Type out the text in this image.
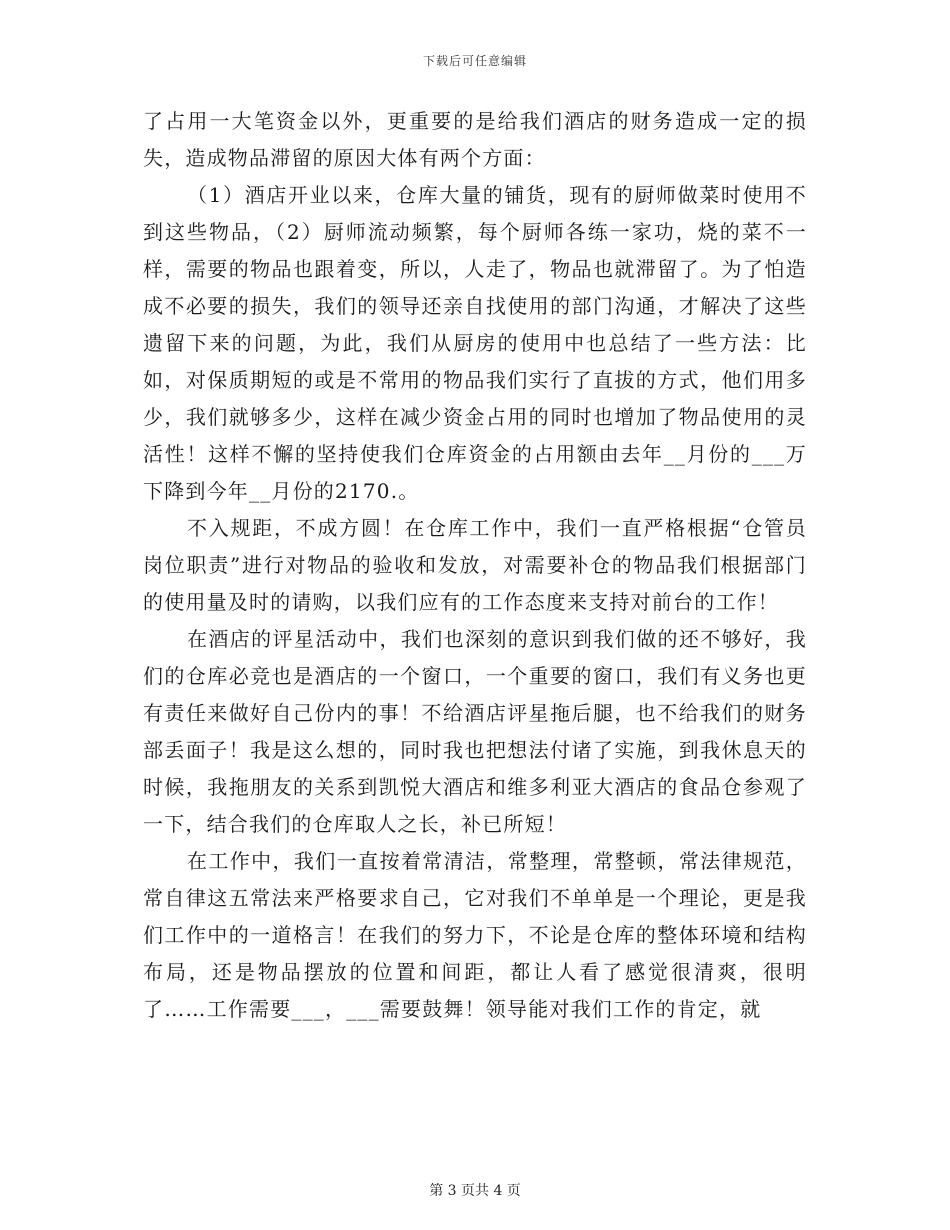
下载后可任意编辑

了占用一大笔资金以外，更重要的是给我们酒店的财务造成一定的损失，造成物品滞留的原因大体有两个方面：

（1）酒店开业以来，仓库大量的铺货，现有的厨师做菜时使用不到这些物品，（2）厨师流动频繁，每个厨师各练一家功，烧的菜不一样，需要的物品也跟着变，所以，人走了，物品也就滞留了。为了怕造成不必要的损失，我们的领导还亲自找使用的部门沟通，才解决了这些遗留下来的问题，为此，我们从厨房的使用中也总结了一些方法：比如，对保质期短的或是不常用的物品我们实行了直拔的方式，他们用多少，我们就够多少，这样在减少资金占用的同时也增加了物品使用的灵活性！这样不懈的坚持使我们仓库资金的占用额由去年__月份的___万下降到今年__月份的2170.。

不入规距，不成方圆！在仓库工作中，我们一直严格根据“仓管员岗位职责”进行对物品的验收和发放，对需要补仓的物品我们根据部门的使用量及时的请购，以我们应有的工作态度来支持对前台的工作！

在酒店的评星活动中，我们也深刻的意识到我们做的还不够好，我们的仓库必竞也是酒店的一个窗口，一个重要的窗口，我们有义务也更有责任来做好自己份内的事！不给酒店评星拖后腿，也不给我们的财务部丢面子！我是这么想的，同时我也把想法付诸了实施，到我休息天的时候，我拖朋友的关系到凯悦大酒店和维多利亚大酒店的食品仓参观了一下，结合我们的仓库取人之长，补已所短！

在工作中，我们一直按着常清洁，常整理，常整顿，常法律规范，常自律这五常法来严格要求自己，它对我们不单单是一个理论，更是我们工作中的一道格言！在我们的努力下，不论是仓库的整体环境和结构布局，还是物品摆放的位置和间距，都让人看了感觉很清爽，很明了……工作需要___，___需要鼓舞！领导能对我们工作的肯定，就

第 3 页共 4 页
